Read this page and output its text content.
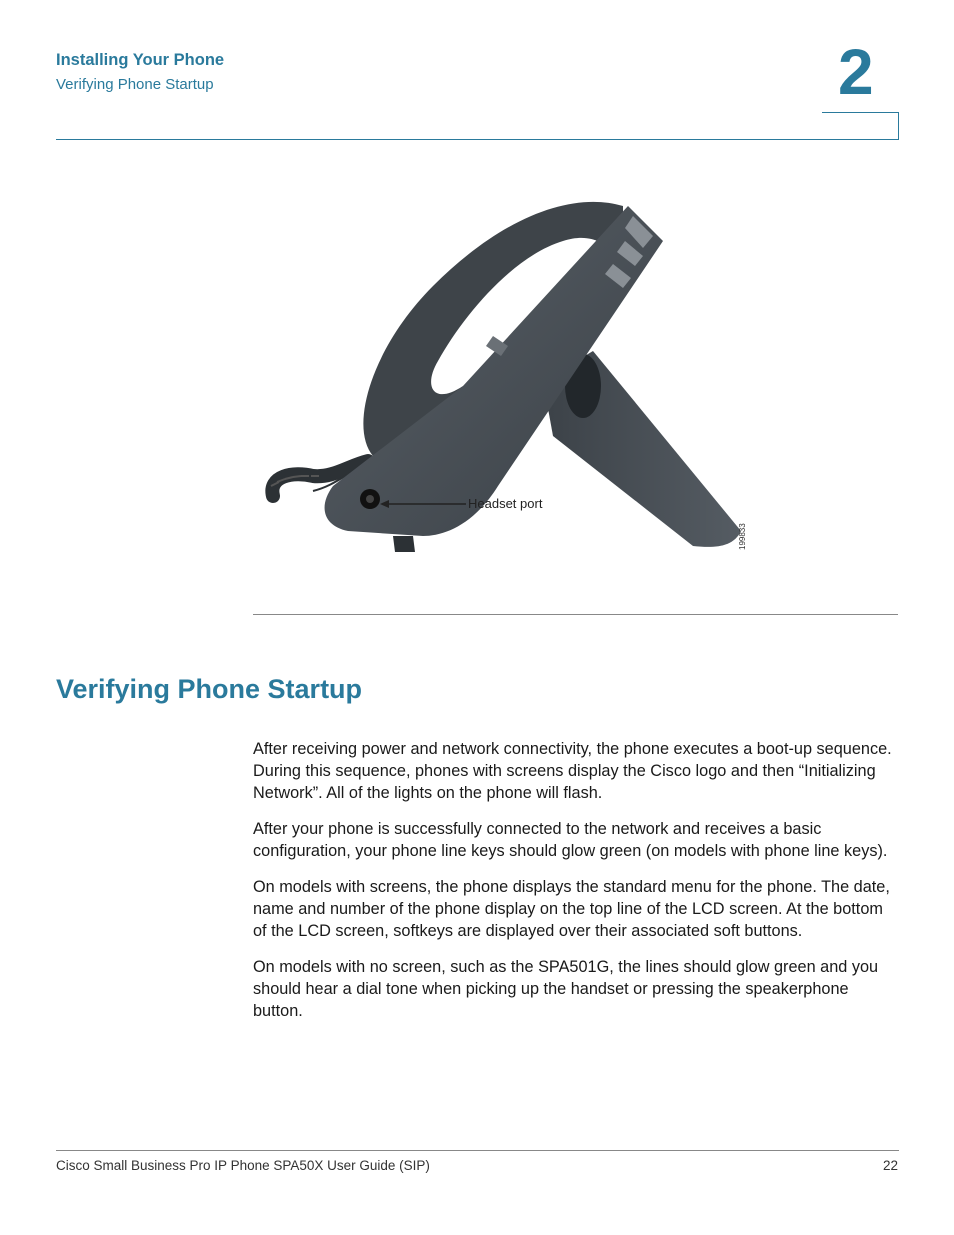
Installing Your Phone
Verifying Phone Startup	2
Headset port
199833
Verifying Phone Startup

After receiving power and network connectivity, the phone executes a boot-up sequence. During this sequence, phones with screens display the Cisco logo and then “Initializing Network”. All of the lights on the phone will flash.

After your phone is successfully connected to the network and receives a basic configuration, your phone line keys should glow green (on models with phone line keys).

On models with screens, the phone displays the standard menu for the phone. The date, name and number of the phone display on the top line of the LCD screen. At the bottom of the LCD screen, softkeys are displayed over their associated soft buttons.

On models with no screen, such as the SPA501G, the lines should glow green and you should hear a dial tone when picking up the handset or pressing the speakerphone button.

Cisco Small Business Pro IP Phone SPA50X User Guide (SIP)	22
